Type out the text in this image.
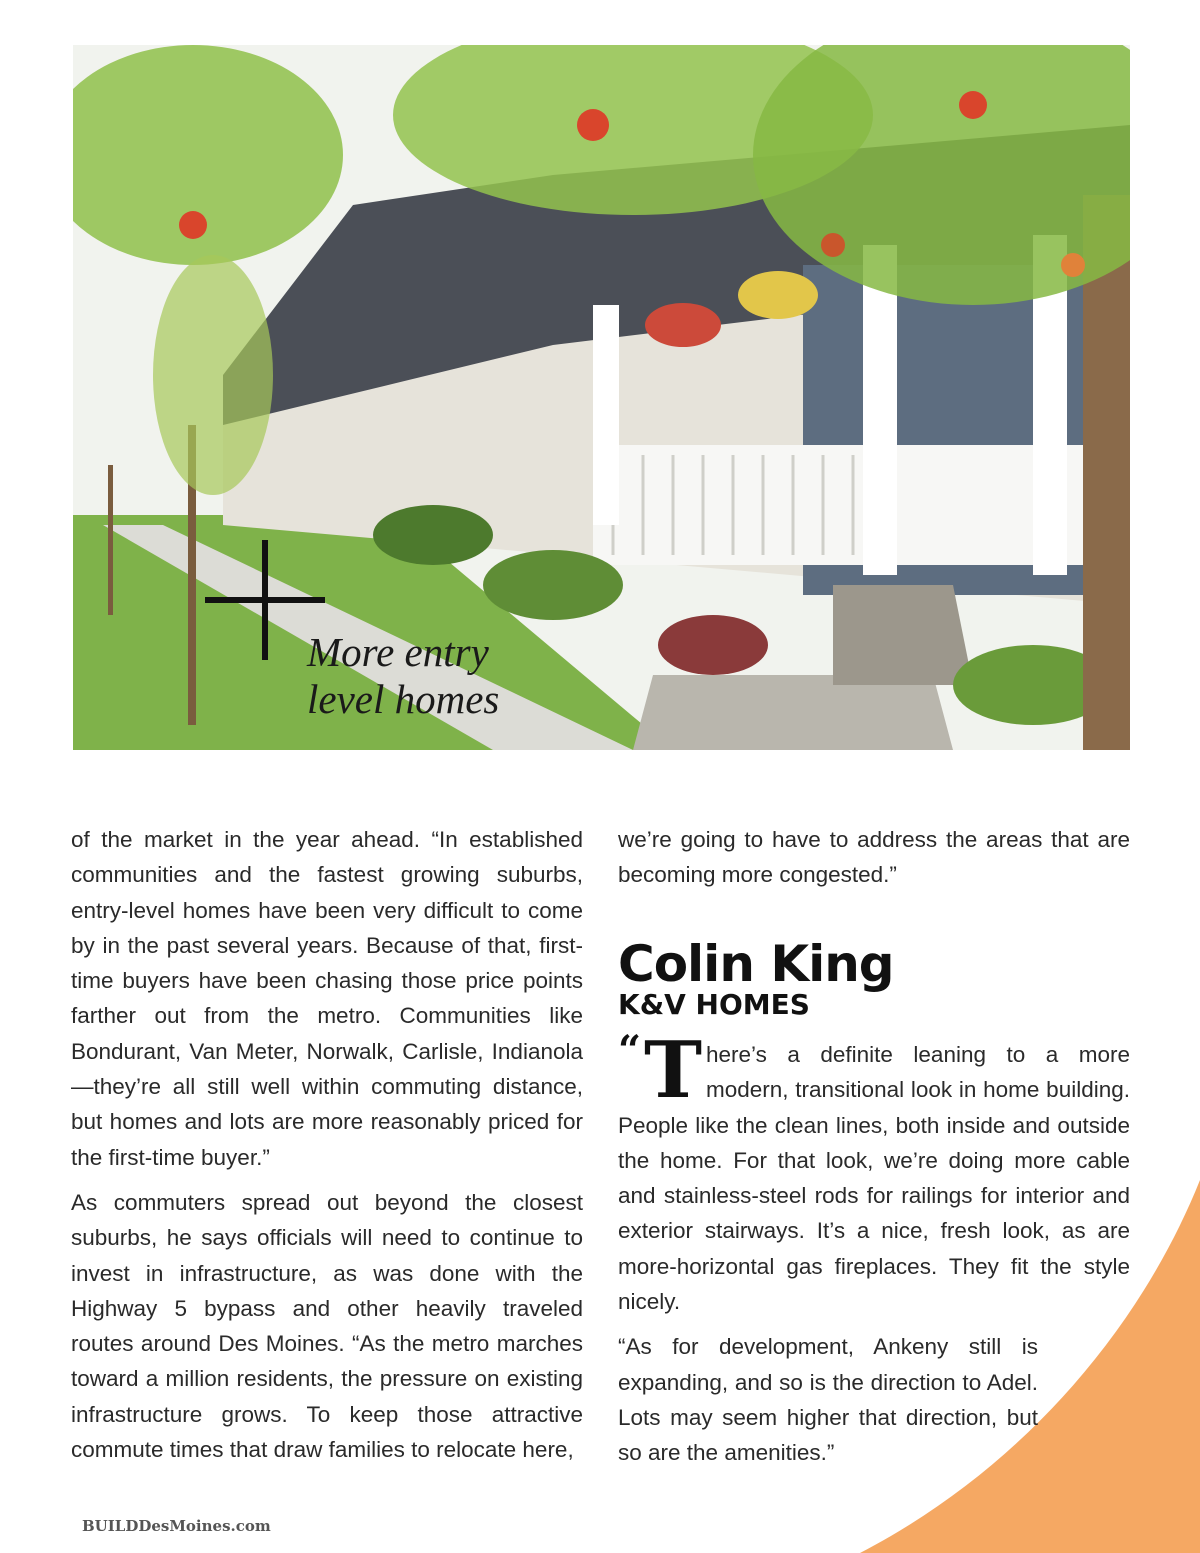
More entry
level homes

of the market in the year ahead. “In established communities and the fastest growing suburbs, entry-level homes have been very difficult to come by in the past several years. Because of that, first-time buyers have been chasing those price points farther out from the metro. Communities like Bondurant, Van Meter, Norwalk, Carlisle, Indianola—they’re all still well within commuting distance, but homes and lots are more reasonably priced for the first-time buyer.”

As commuters spread out beyond the closest suburbs, he says officials will need to continue to invest in infrastructure, as was done with the Highway 5 bypass and other heavily traveled routes around Des Moines. “As the metro marches toward a million residents, the pressure on existing infrastructure grows. To keep those attractive commute times that draw families to relocate here,

we’re going to have to address the areas that are becoming more congested.”

Colin King
K&V HOMES

“ T here’s a definite leaning to a more modern, transitional look in home building. People like the clean lines, both inside and outside the home. For that look, we’re doing more cable and stainless-steel rods for railings for interior and exterior stairways. It’s a nice, fresh look, as are more-horizontal gas fireplaces. They fit the style nicely.

“As for development, Ankeny still is expanding, and so is the direction to Adel. Lots may seem higher that direction, but so are the amenities.”

BUILDDesMoines.com
